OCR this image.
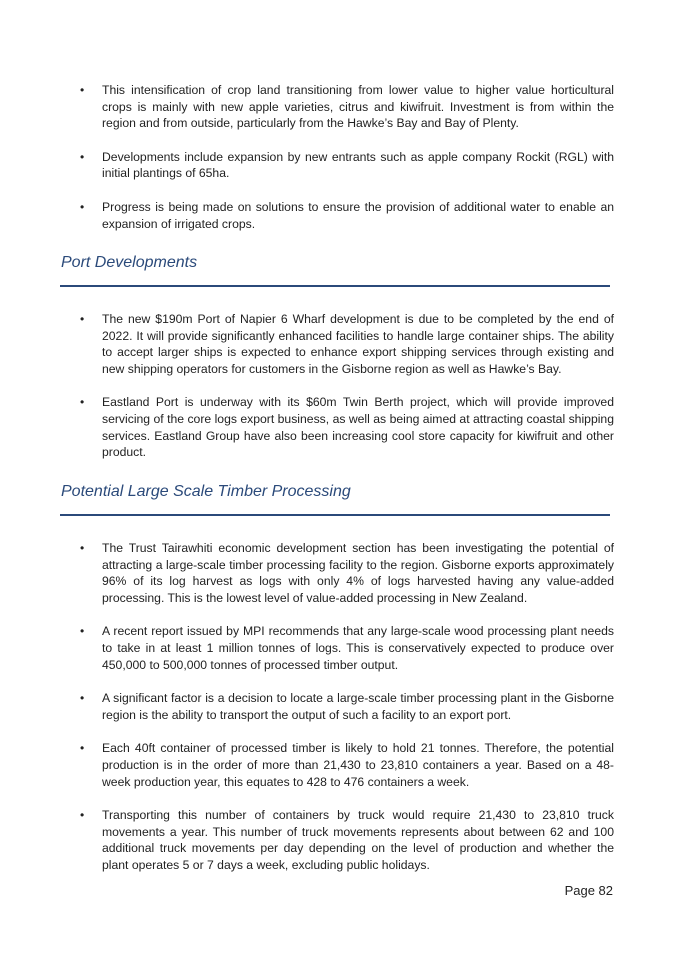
• This intensification of crop land transitioning from lower value to higher value horticultural crops is mainly with new apple varieties, citrus and kiwifruit. Investment is from within the region and from outside, particularly from the Hawke’s Bay and Bay of Plenty.
• Developments include expansion by new entrants such as apple company Rockit (RGL) with initial plantings of 65ha.
• Progress is being made on solutions to ensure the provision of additional water to enable an expansion of irrigated crops.
Port Developments
• The new $190m Port of Napier 6 Wharf development is due to be completed by the end of 2022. It will provide significantly enhanced facilities to handle large container ships. The ability to accept larger ships is expected to enhance export shipping services through existing and new shipping operators for customers in the Gisborne region as well as Hawke’s Bay.
• Eastland Port is underway with its $60m Twin Berth project, which will provide improved servicing of the core logs export business, as well as being aimed at attracting coastal shipping services. Eastland Group have also been increasing cool store capacity for kiwifruit and other product.
Potential Large Scale Timber Processing
• The Trust Tairawhiti economic development section has been investigating the potential of attracting a large-scale timber processing facility to the region. Gisborne exports approximately 96% of its log harvest as logs with only 4% of logs harvested having any value-added processing. This is the lowest level of value-added processing in New Zealand.
• A recent report issued by MPI recommends that any large-scale wood processing plant needs to take in at least 1 million tonnes of logs. This is conservatively expected to produce over 450,000 to 500,000 tonnes of processed timber output.
• A significant factor is a decision to locate a large-scale timber processing plant in the Gisborne region is the ability to transport the output of such a facility to an export port.
• Each 40ft container of processed timber is likely to hold 21 tonnes. Therefore, the potential production is in the order of more than 21,430 to 23,810 containers a year. Based on a 48-week production year, this equates to 428 to 476 containers a week.
• Transporting this number of containers by truck would require 21,430 to 23,810 truck movements a year. This number of truck movements represents about between 62 and 100 additional truck movements per day depending on the level of production and whether the plant operates 5 or 7 days a week, excluding public holidays.
Page 82
